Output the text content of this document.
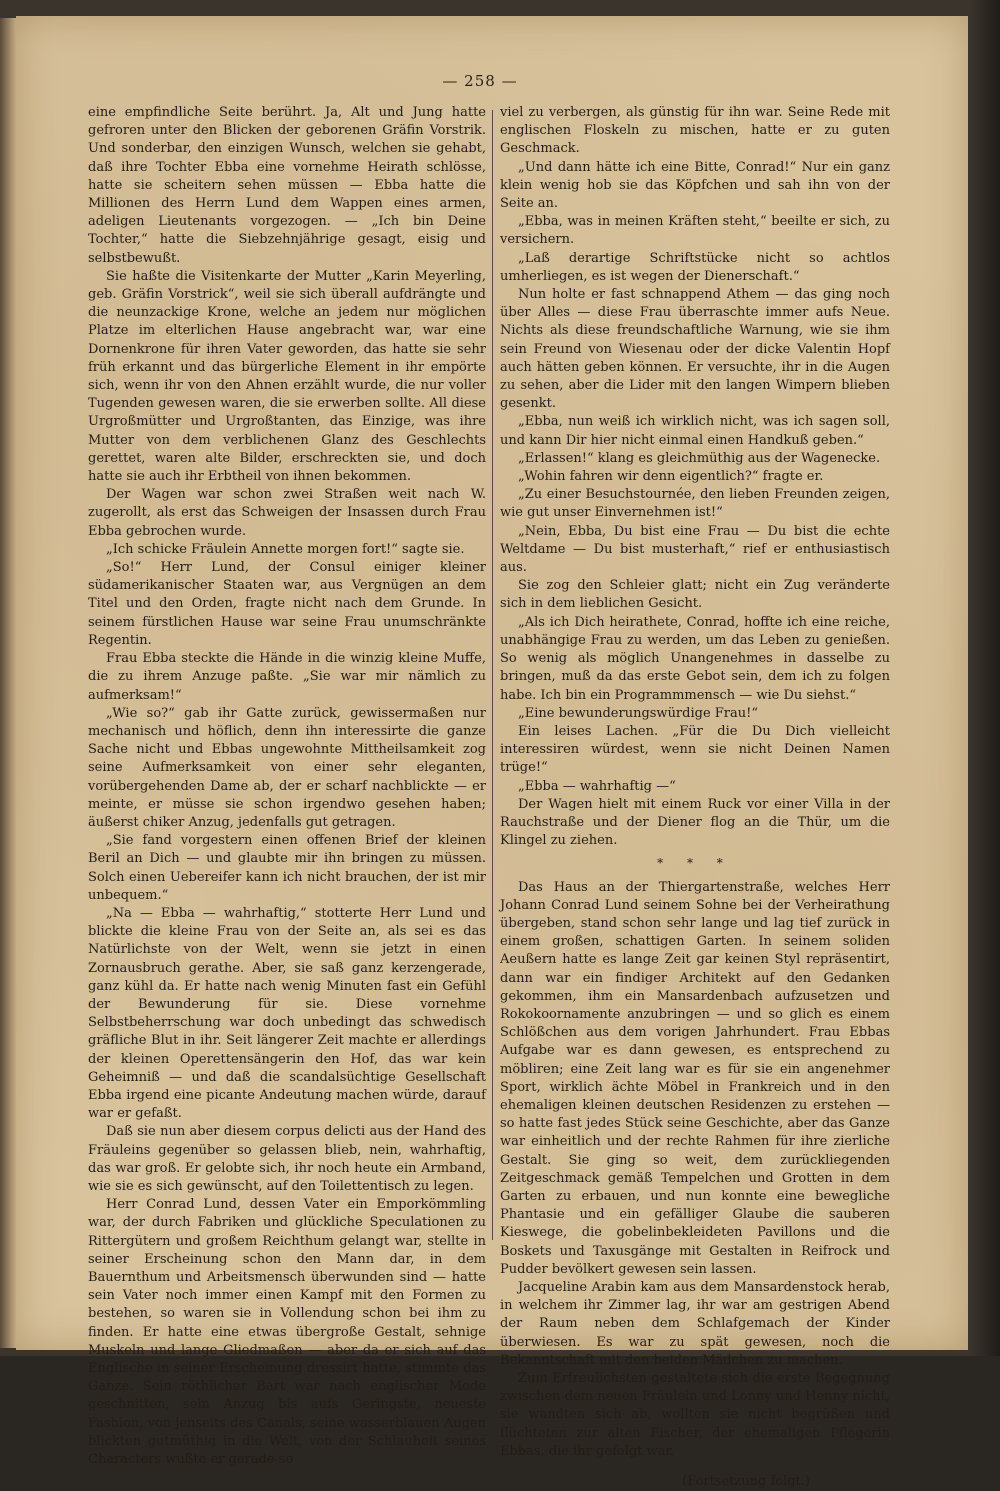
— 258 —

eine empfindliche Seite berührt. Ja, Alt und Jung hatte gefroren unter den Blicken der geborenen Gräfin Vorstrik. Und sonderbar, den einzigen Wunsch, welchen sie gehabt, daß ihre Tochter Ebba eine vornehme Heirath schlösse, hatte sie scheitern sehen müssen — Ebba hatte die Millionen des Herrn Lund dem Wappen eines armen, adeligen Lieutenants vorgezogen. — „Ich bin Deine Tochter,“ hatte die Siebzehnjährige gesagt, eisig und selbstbewußt.

Sie haßte die Visitenkarte der Mutter „Karin Meyerling, geb. Gräfin Vorstrick“, weil sie sich überall aufdrängte und die neunzackige Krone, welche an jedem nur möglichen Platze im elterlichen Hause angebracht war, war eine Dornenkrone für ihren Vater geworden, das hatte sie sehr früh erkannt und das bürgerliche Element in ihr empörte sich, wenn ihr von den Ahnen erzählt wurde, die nur voller Tugenden gewesen waren, die sie erwerben sollte. All diese Urgroßmütter und Urgroßtanten, das Einzige, was ihre Mutter von dem verblichenen Glanz des Geschlechts gerettet, waren alte Bilder, erschreckten sie, und doch hatte sie auch ihr Erbtheil von ihnen bekommen.

Der Wagen war schon zwei Straßen weit nach W. zugerollt, als erst das Schweigen der Insassen durch Frau Ebba gebrochen wurde.

„Ich schicke Fräulein Annette morgen fort!“ sagte sie.

„So!“ Herr Lund, der Consul einiger kleiner südamerikanischer Staaten war, aus Vergnügen an dem Titel und den Orden, fragte nicht nach dem Grunde. In seinem fürstlichen Hause war seine Frau unumschränkte Regentin.

Frau Ebba steckte die Hände in die winzig kleine Muffe, die zu ihrem Anzuge paßte. „Sie war mir nämlich zu aufmerksam!“

„Wie so?“ gab ihr Gatte zurück, gewissermaßen nur mechanisch und höflich, denn ihn interessirte die ganze Sache nicht und Ebbas ungewohnte Mittheilsamkeit zog seine Aufmerksamkeit von einer sehr eleganten, vorübergehenden Dame ab, der er scharf nachblickte — er meinte, er müsse sie schon irgendwo gesehen haben; äußerst chiker Anzug, jedenfalls gut getragen.

„Sie fand vorgestern einen offenen Brief der kleinen Beril an Dich — und glaubte mir ihn bringen zu müssen. Solch einen Uebereifer kann ich nicht brauchen, der ist mir unbequem.“

„Na — Ebba — wahrhaftig,“ stotterte Herr Lund und blickte die kleine Frau von der Seite an, als sei es das Natürlichste von der Welt, wenn sie jetzt in einen Zornausbruch gerathe. Aber, sie saß ganz kerzengerade, ganz kühl da. Er hatte nach wenig Minuten fast ein Gefühl der Bewunderung für sie. Diese vornehme Selbstbeherrschung war doch unbedingt das schwedisch gräfliche Blut in ihr. Seit längerer Zeit machte er allerdings der kleinen Operettensängerin den Hof, das war kein Geheimniß — und daß die scandalsüchtige Gesellschaft Ebba irgend eine picante Andeutung machen würde, darauf war er gefaßt.

Daß sie nun aber diesem corpus delicti aus der Hand des Fräuleins gegenüber so gelassen blieb, nein, wahrhaftig, das war groß. Er gelobte sich, ihr noch heute ein Armband, wie sie es sich gewünscht, auf den Toilettentisch zu legen.

Herr Conrad Lund, dessen Vater ein Emporkömmling war, der durch Fabriken und glückliche Speculationen zu Rittergütern und großem Reichthum gelangt war, stellte in seiner Erscheinung schon den Mann dar, in dem Bauernthum und Arbeitsmensch überwunden sind — hatte sein Vater noch immer einen Kampf mit den Formen zu bestehen, so waren sie in Vollendung schon bei ihm zu finden. Er hatte eine etwas übergroße Gestalt, sehnige Muskeln und lange Gliedmaßen — aber da er sich auf das Englische in seiner Erscheinung dressirt hatte, stimmte das Ganze. Sein röthlicher Bart war nach englischer Mode geschnitten, sein Anzug bis aufs Geringste, neueste Fashion, von jenseits des Canals, seine wasserblauen Augen blickten gutmüthig in die Welt, von der Schlauheit seines Characters wußte er gerade so

viel zu verbergen, als günstig für ihn war. Seine Rede mit englischen Floskeln zu mischen, hatte er zu guten Geschmack.

„Und dann hätte ich eine Bitte, Conrad!“ Nur ein ganz klein wenig hob sie das Köpfchen und sah ihn von der Seite an.

„Ebba, was in meinen Kräften steht,“ beeilte er sich, zu versichern.

„Laß derartige Schriftstücke nicht so achtlos umherliegen, es ist wegen der Dienerschaft.“

Nun holte er fast schnappend Athem — das ging noch über Alles — diese Frau überraschte immer aufs Neue. Nichts als diese freundschaftliche Warnung, wie sie ihm sein Freund von Wiesenau oder der dicke Valentin Hopf auch hätten geben können. Er versuchte, ihr in die Augen zu sehen, aber die Lider mit den langen Wimpern blieben gesenkt.

„Ebba, nun weiß ich wirklich nicht, was ich sagen soll, und kann Dir hier nicht einmal einen Handkuß geben.“

„Erlassen!“ klang es gleichmüthig aus der Wagenecke.

„Wohin fahren wir denn eigentlich?“ fragte er.

„Zu einer Besuchstournée, den lieben Freunden zeigen, wie gut unser Einvernehmen ist!“

„Nein, Ebba, Du bist eine Frau — Du bist die echte Weltdame — Du bist musterhaft,“ rief er enthusiastisch aus.

Sie zog den Schleier glatt; nicht ein Zug veränderte sich in dem lieblichen Gesicht.

„Als ich Dich heirathete, Conrad, hoffte ich eine reiche, unabhängige Frau zu werden, um das Leben zu genießen. So wenig als möglich Unangenehmes in dasselbe zu bringen, muß da das erste Gebot sein, dem ich zu folgen habe. Ich bin ein Programmmensch — wie Du siehst.“

„Eine bewunderungswürdige Frau!“

Ein leises Lachen. „Für die Du Dich vielleicht interessiren würdest, wenn sie nicht Deinen Namen trüge!“

„Ebba — wahrhaftig —“

Der Wagen hielt mit einem Ruck vor einer Villa in der Rauchstraße und der Diener flog an die Thür, um die Klingel zu ziehen.

* * *

Das Haus an der Thiergartenstraße, welches Herr Johann Conrad Lund seinem Sohne bei der Verheirathung übergeben, stand schon sehr lange und lag tief zurück in einem großen, schattigen Garten. In seinem soliden Aeußern hatte es lange Zeit gar keinen Styl repräsentirt, dann war ein findiger Architekt auf den Gedanken gekommen, ihm ein Mansardenbach aufzusetzen und Rokokoornamente anzubringen — und so glich es einem Schlößchen aus dem vorigen Jahrhundert. Frau Ebbas Aufgabe war es dann gewesen, es entsprechend zu möbliren; eine Zeit lang war es für sie ein angenehmer Sport, wirklich ächte Möbel in Frankreich und in den ehemaligen kleinen deutschen Residenzen zu erstehen — so hatte fast jedes Stück seine Geschichte, aber das Ganze war einheitlich und der rechte Rahmen für ihre zierliche Gestalt. Sie ging so weit, dem zurückliegenden Zeitgeschmack gemäß Tempelchen und Grotten in dem Garten zu erbauen, und nun konnte eine bewegliche Phantasie und ein gefälliger Glaube die sauberen Kieswege, die gobelinbekleideten Pavillons und die Boskets und Taxusgänge mit Gestalten in Reifrock und Pudder bevölkert gewesen sein lassen.

Jacqueline Arabin kam aus dem Mansardenstock herab, in welchem ihr Zimmer lag, ihr war am gestrigen Abend der Raum neben dem Schlafgemach der Kinder überwiesen. Es war zu spät gewesen, noch die Bekanntschaft mit den beiden Mädchen zu machen.

Zum Erfreulichsten gestaltete sich die erste Begegnung zwischen dem neuen Fräulein und Lonny und Henny nicht, sie wandten sich ab, wollten sie nicht begrüßen und flüchteten zur alten Fischer, der ehemaligen Pflegerin Ebbas, die ihr gefolgt war.

(Fortsetzung folgt.)
